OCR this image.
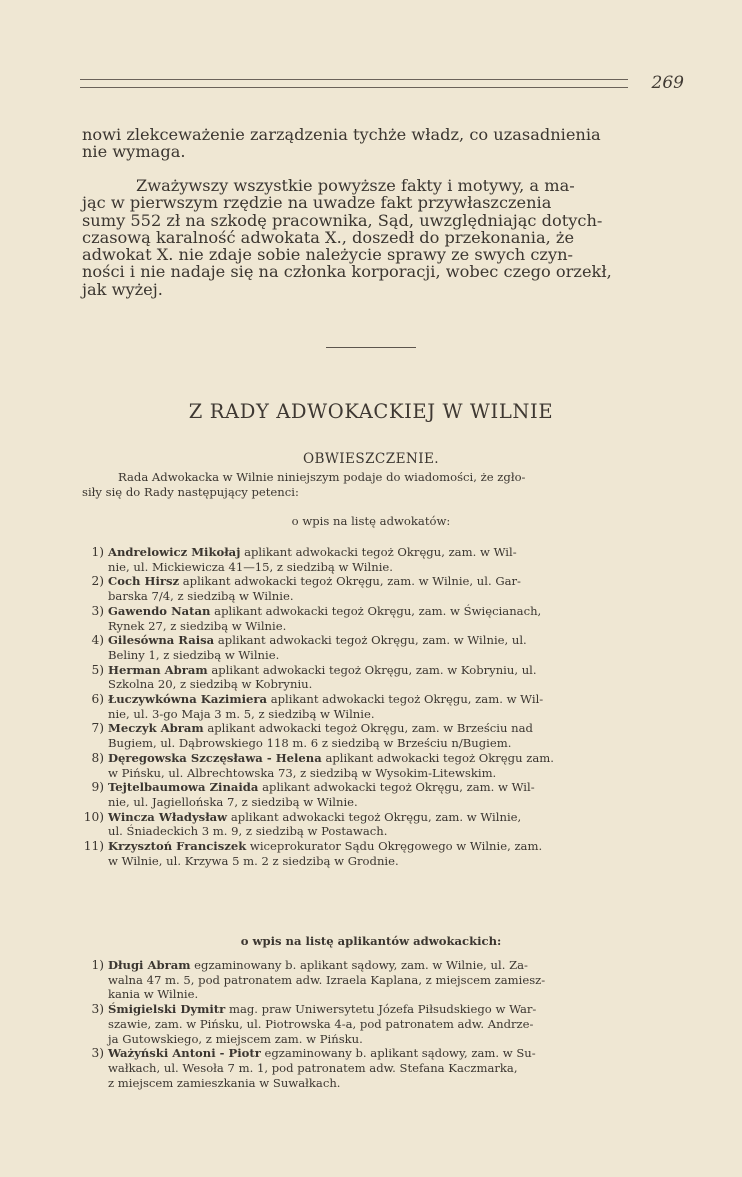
269

nowi zlekceważenie zarządzenia tychże władz, co uzasadnienia
nie wymaga.

Zważywszy wszystkie powyższe fakty i motywy, a ma-
jąc w pierwszym rzędzie na uwadze fakt przywłaszczenia
sumy 552 zł na szkodę pracownika, Sąd, uwzględniając dotych-
czasową karalność adwokata X., doszedł do przekonania, że
adwokat X. nie zdaje sobie należycie sprawy ze swych czyn-
ności i nie nadaje się na członka korporacji, wobec czego orzekł,
jak wyżej.
Z RADY ADWOKACKIEJ W WILNIE
OBWIESZCZENIE.
Rada Adwokacka w Wilnie niniejszym podaje do wiadomości, że zgło-
siły się do Rady następujący petenci:
o wpis na listę adwokatów:
1) Andrelowicz Mikołaj aplikant adwokacki tegoż Okręgu, zam. w Wil-
nie, ul. Mickiewicza 41—15, z siedzibą w Wilnie.
2) Coch Hirsz aplikant adwokacki tegoż Okręgu, zam. w Wilnie, ul. Gar-
barska 7/4, z siedzibą w Wilnie.
3) Gawendo Natan aplikant adwokacki tegoż Okręgu, zam. w Święcianach,
Rynek 27, z siedzibą w Wilnie.
4) Gilesówna Raisa aplikant adwokacki tegoż Okręgu, zam. w Wilnie, ul.
Beliny 1, z siedzibą w Wilnie.
5) Herman Abram aplikant adwokacki tegoż Okręgu, zam. w Kobryniu, ul.
Szkolna 20, z siedzibą w Kobryniu.
6) Łuczywkówna Kazimiera aplikant adwokacki tegoż Okręgu, zam. w Wil-
nie, ul. 3-go Maja 3 m. 5, z siedzibą w Wilnie.
7) Meczyk Abram aplikant adwokacki tegoż Okręgu, zam. w Brześciu nad
Bugiem, ul. Dąbrowskiego 118 m. 6 z siedzibą w Brześciu n/Bugiem.
8) Dęregowska Szczęsława - Helena aplikant adwokacki tegoż Okręgu zam.
w Pińsku, ul. Albrechtowska 73, z siedzibą w Wysokim-Litewskim.
9) Tejtelbaumowa Zinaida aplikant adwokacki tegoż Okręgu, zam. w Wil-
nie, ul. Jagiellońska 7, z siedzibą w Wilnie.
10) Wincza Władysław aplikant adwokacki tegoż Okręgu, zam. w Wilnie,
ul. Śniadeckich 3 m. 9, z siedzibą w Postawach.
11) Krzysztoń Franciszek wiceprokurator Sądu Okręgowego w Wilnie, zam.
w Wilnie, ul. Krzywa 5 m. 2 z siedzibą w Grodnie.
o wpis na listę aplikantów adwokackich:
1) Długi Abram egzaminowany b. aplikant sądowy, zam. w Wilnie, ul. Za-
walna 47 m. 5, pod patronatem adw. Izraela Kaplana, z miejscem zamiesz-
kania w Wilnie.
3) Śmigielski Dymitr mag. praw Uniwersytetu Józefa Piłsudskiego w War-
szawie, zam. w Pińsku, ul. Piotrowska 4-a, pod patronatem adw. Andrze-
ja Gutowskiego, z miejscem zam. w Pińsku.
3) Ważyński Antoni - Piotr egzaminowany b. aplikant sądowy, zam. w Su-
wałkach, ul. Wesoła 7 m. 1, pod patronatem adw. Stefana Kaczmarka,
z miejscem zamieszkania w Suwałkach.
